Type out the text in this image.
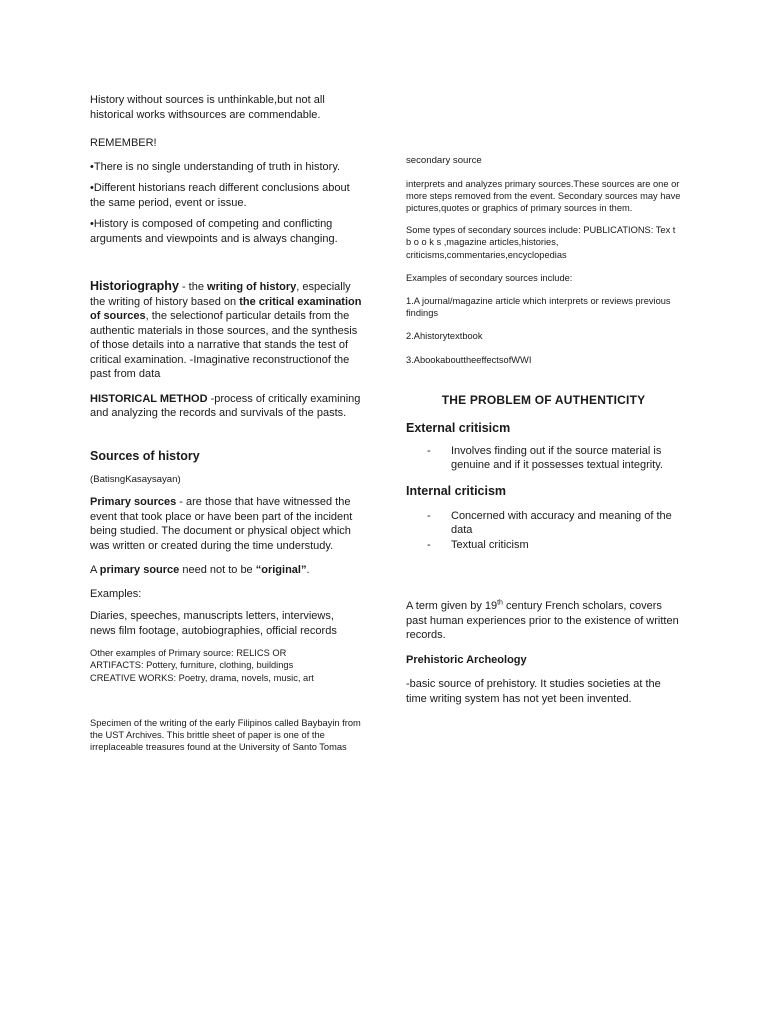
History without sources is unthinkable,but not all historical works withsources are commendable.

REMEMBER!

•There is no single understanding of truth in history.

•Different historians reach different conclusions about the same period, event or issue.

•History is composed of competing and conflicting arguments and viewpoints and is always changing.

Historiography - the writing of history, especially the writing of history based on the critical examination of sources, the selectionof particular details from the authentic materials in those sources, and the synthesis of those details into a narrative that stands the test of critical examination. -Imaginative reconstructionof the past from data

HISTORICAL METHOD -process of critically examining and analyzing the records and survivals of the pasts.

Sources of history

(BatisngKasaysayan)

Primary sources - are those that have witnessed the event that took place or have been part of the incident being studied. The document or physical object which was written or created during the time understudy.

A primary source need not to be “original”.

Examples:

Diaries, speeches, manuscripts letters, interviews, news film footage, autobiographies, official records

Other examples of Primary source: RELICS OR

ARTIFACTS: Pottery, furniture, clothing, buildings

CREATIVE WORKS: Poetry, drama, novels, music, art

Specimen of the writing of the early Filipinos called Baybayin from the UST Archives. This brittle sheet of paper is one of the irreplaceable treasures found at the University of Santo Tomas

secondary source

interprets and analyzes primary sources.These sources are one or more steps removed from the event. Secondary sources may have pictures,quotes or graphics of primary sources in them.

Some types of secondary sources include: PUBLICATIONS: Tex t b o o k s ,magazine articles,histories, criticisms,commentaries,encyclopedias

Examples of secondary sources include:

1.A journal/magazine article which interprets or reviews previous findings

2.Ahistorytextbook

3.AbookabouttheeffectsofWWI

THE PROBLEM OF AUTHENTICITY

External critisicm

- Involves finding out if the source material is genuine and if it possesses textual integrity.

Internal criticism

- Concerned with accuracy and meaning of the data
- Textual criticism

A term given by 19th century French scholars, covers past human experiences prior to the existence of written records.

Prehistoric Archeology

-basic source of prehistory. It studies societies at the time writing system has not yet been invented.
